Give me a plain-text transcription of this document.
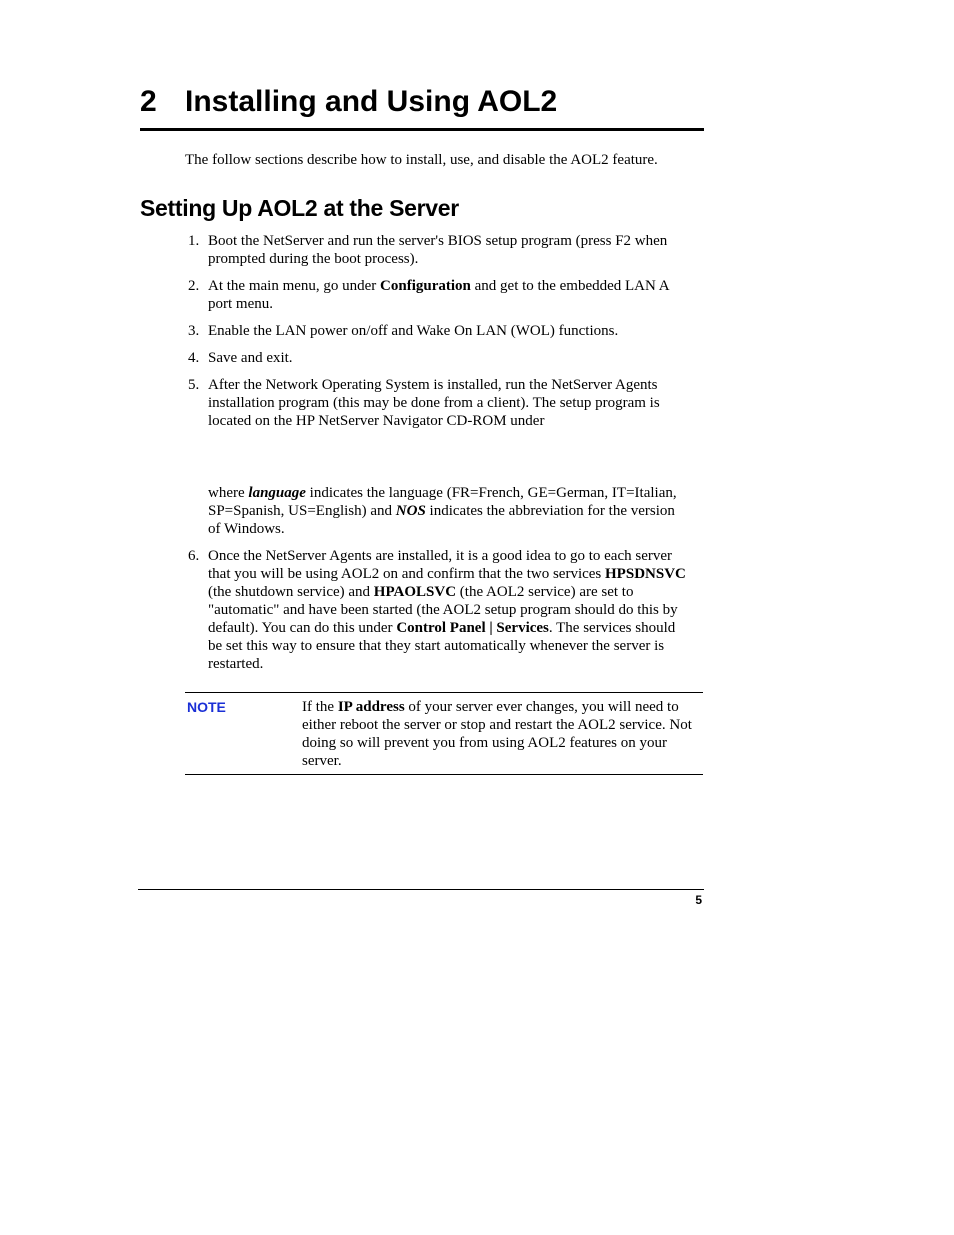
2 Installing and Using AOL2

The follow sections describe how to install, use, and disable the AOL2 feature.

Setting Up AOL2 at the Server
1. Boot the NetServer and run the server's BIOS setup program (press F2 when prompted during the boot process).

2. At the main menu, go under Configuration and get to the embedded LAN A port menu.

3. Enable the LAN power on/off and Wake On LAN (WOL) functions.

4. Save and exit.

5. After the Network Operating System is installed, run the NetServer Agents installation program (this may be done from a client). The setup program is located on the HP NetServer Navigator CD-ROM under

where language indicates the language (FR=French, GE=German, IT=Italian, SP=Spanish, US=English) and NOS indicates the abbreviation for the version of Windows.

6. Once the NetServer Agents are installed, it is a good idea to go to each server that you will be using AOL2 on and confirm that the two services HPSDNSVC (the shutdown service) and HPAOLSVC (the AOL2 service) are set to "automatic" and have been started (the AOL2 setup program should do this by default). You can do this under Control Panel | Services. The services should be set this way to ensure that they start automatically whenever the server is restarted.

NOTE	If the IP address of your server ever changes, you will need to either reboot the server or stop and restart the AOL2 service. Not doing so will prevent you from using AOL2 features on your server.

5
